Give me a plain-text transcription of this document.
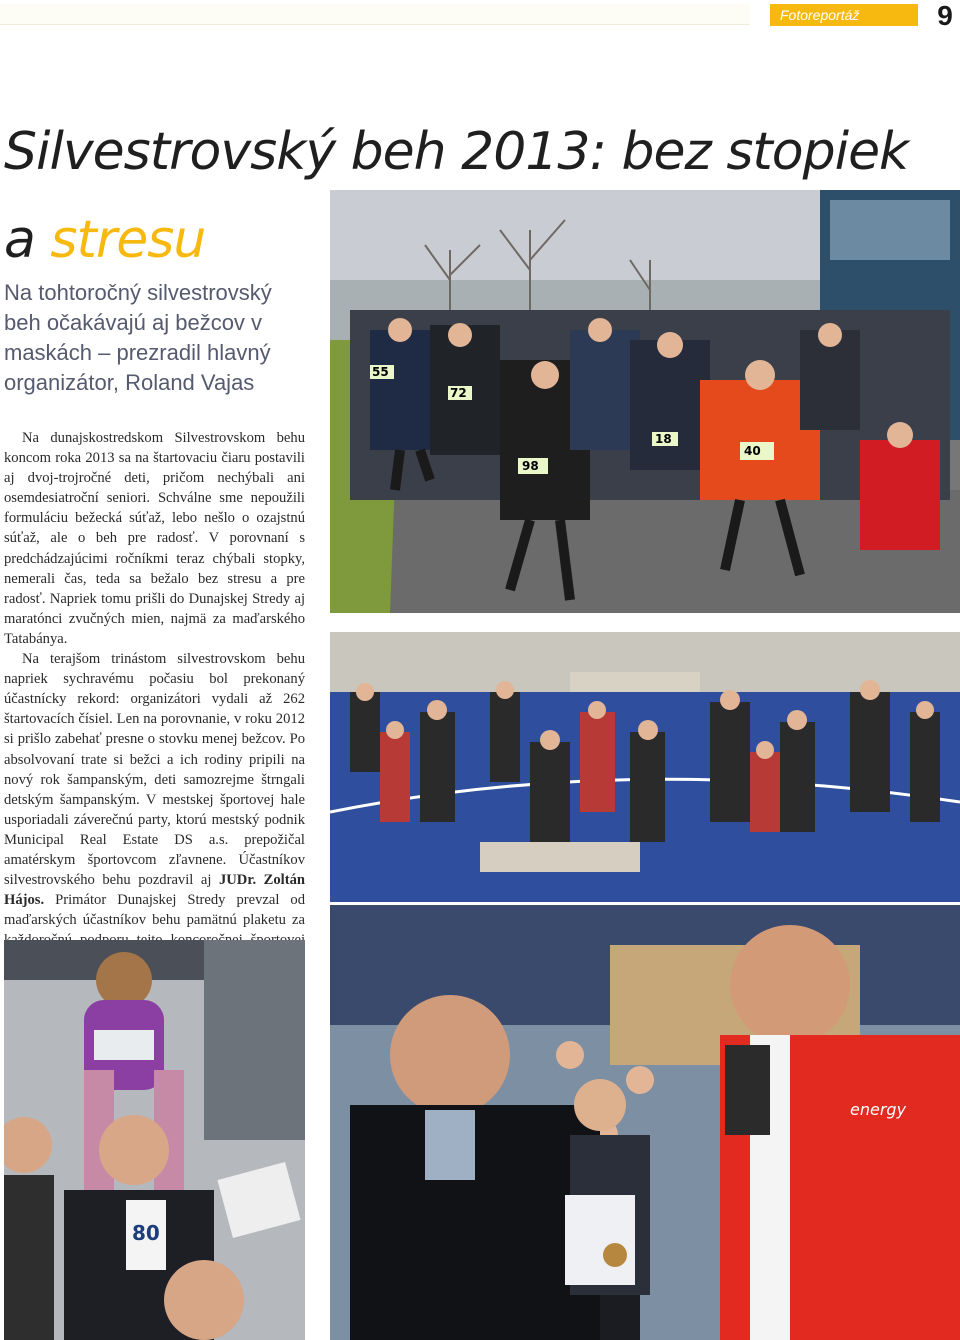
Fotoreportáž	9
Silvestrovský beh 2013: bez stopiek
a stresu
Na tohtoročný silvestrovský beh očakávajú aj bežcov v maskách – prezradil hlavný organizátor, Roland Vajas

Na dunajskostredskom Silvestrovskom behu koncom roka 2013 sa na štartovaciu čiaru postavili aj dvoj-trojročné deti, pričom nechýbali ani osemdesiatroční seniori. Schválne sme nepoužili formuláciu bežecká súťaž, lebo nešlo o ozajstnú súťaž, ale o beh pre radosť. V porovnaní s predchádzajúcimi ročníkmi teraz chýbali stopky, nemerali čas, teda sa bežalo bez stresu a pre radosť. Napriek tomu prišli do Dunajskej Stredy aj maratónci zvučných mien, najmä za maďarského Tatabánya.

Na terajšom trinástom silvestrovskom behu napriek sychravému počasiu bol prekonaný účastnícky rekord: organizátori vydali až 262 štartovacích čísiel. Len na porovnanie, v roku 2012 si prišlo zabehať presne o stovku menej bežcov. Po absolvovaní trate si bežci a ich rodiny pripili na nový rok šampanským, deti samozrejme štrngali detským šampanským. V mestskej športovej hale usporiadali záverečnú party, ktorú mestský podnik Municipal Real Estate DS a.s. prepožičal amatérskym športovcom zľavnene. Účastníkov silvestrovského behu pozdravil aj JUDr. Zoltán Hájos. Primátor Dunajskej Stredy prevzal od maďarských účastníkov behu pamätnú plaketu za

55
72
98
18
40
80
energy
